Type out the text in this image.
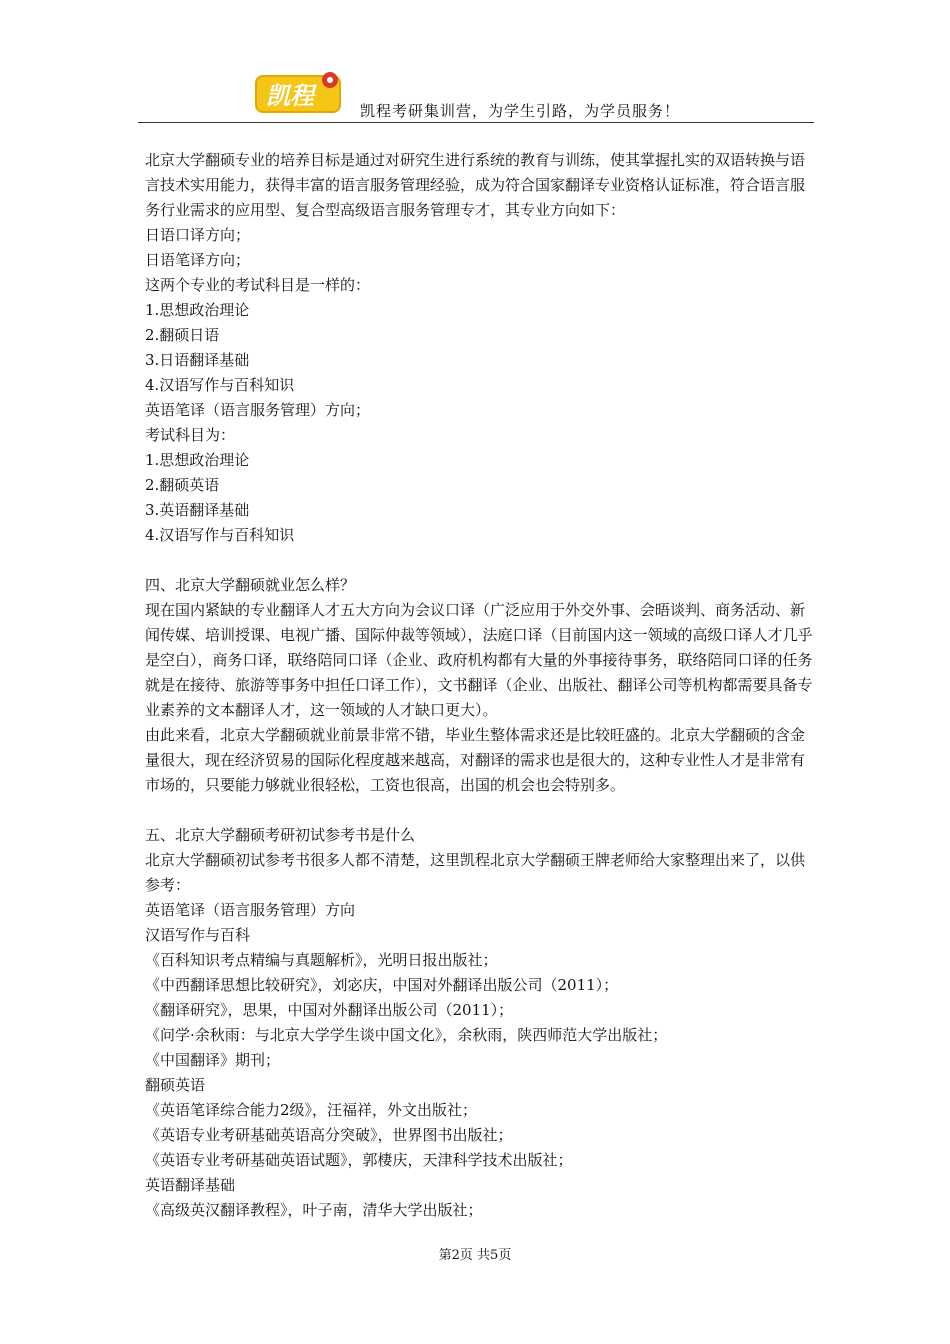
凯程
凯程考研集训营，为学生引路，为学员服务！

北京大学翻硕专业的培养目标是通过对研究生进行系统的教育与训练，使其掌握扎实的双语转换与语言技术实用能力，获得丰富的语言服务管理经验，成为符合国家翻译专业资格认证标准，符合语言服务行业需求的应用型、复合型高级语言服务管理专才，其专业方向如下：

日语口译方向；

日语笔译方向；

这两个专业的考试科目是一样的：

1.思想政治理论

2.翻硕日语

3.日语翻译基础

4.汉语写作与百科知识

英语笔译（语言服务管理）方向；

考试科目为：

1.思想政治理论

2.翻硕英语

3.英语翻译基础

4.汉语写作与百科知识

四、北京大学翻硕就业怎么样？

现在国内紧缺的专业翻译人才五大方向为会议口译（广泛应用于外交外事、会晤谈判、商务活动、新闻传媒、培训授课、电视广播、国际仲裁等领域），法庭口译（目前国内这一领域的高级口译人才几乎是空白），商务口译，联络陪同口译（企业、政府机构都有大量的外事接待事务，联络陪同口译的任务就是在接待、旅游等事务中担任口译工作），文书翻译（企业、出版社、翻译公司等机构都需要具备专业素养的文本翻译人才，这一领域的人才缺口更大）。

由此来看，北京大学翻硕就业前景非常不错，毕业生整体需求还是比较旺盛的。北京大学翻硕的含金量很大，现在经济贸易的国际化程度越来越高，对翻译的需求也是很大的，这种专业性人才是非常有市场的，只要能力够就业很轻松，工资也很高，出国的机会也会特别多。

五、北京大学翻硕考研初试参考书是什么

北京大学翻硕初试参考书很多人都不清楚，这里凯程北京大学翻硕王牌老师给大家整理出来了，以供参考：

英语笔译（语言服务管理）方向

汉语写作与百科

《百科知识考点精编与真题解析》，光明日报出版社；

《中西翻译思想比较研究》，刘宓庆，中国对外翻译出版公司（2011）；

《翻译研究》，思果，中国对外翻译出版公司（2011）；

《问学·余秋雨：与北京大学学生谈中国文化》，余秋雨，陕西师范大学出版社；

《中国翻译》期刊；

翻硕英语

《英语笔译综合能力2级》，汪福祥，外文出版社；

《英语专业考研基础英语高分突破》，世界图书出版社；

《英语专业考研基础英语试题》，郭棲庆，天津科学技术出版社；

英语翻译基础

《高级英汉翻译教程》，叶子南，清华大学出版社；

第2页 共5页
